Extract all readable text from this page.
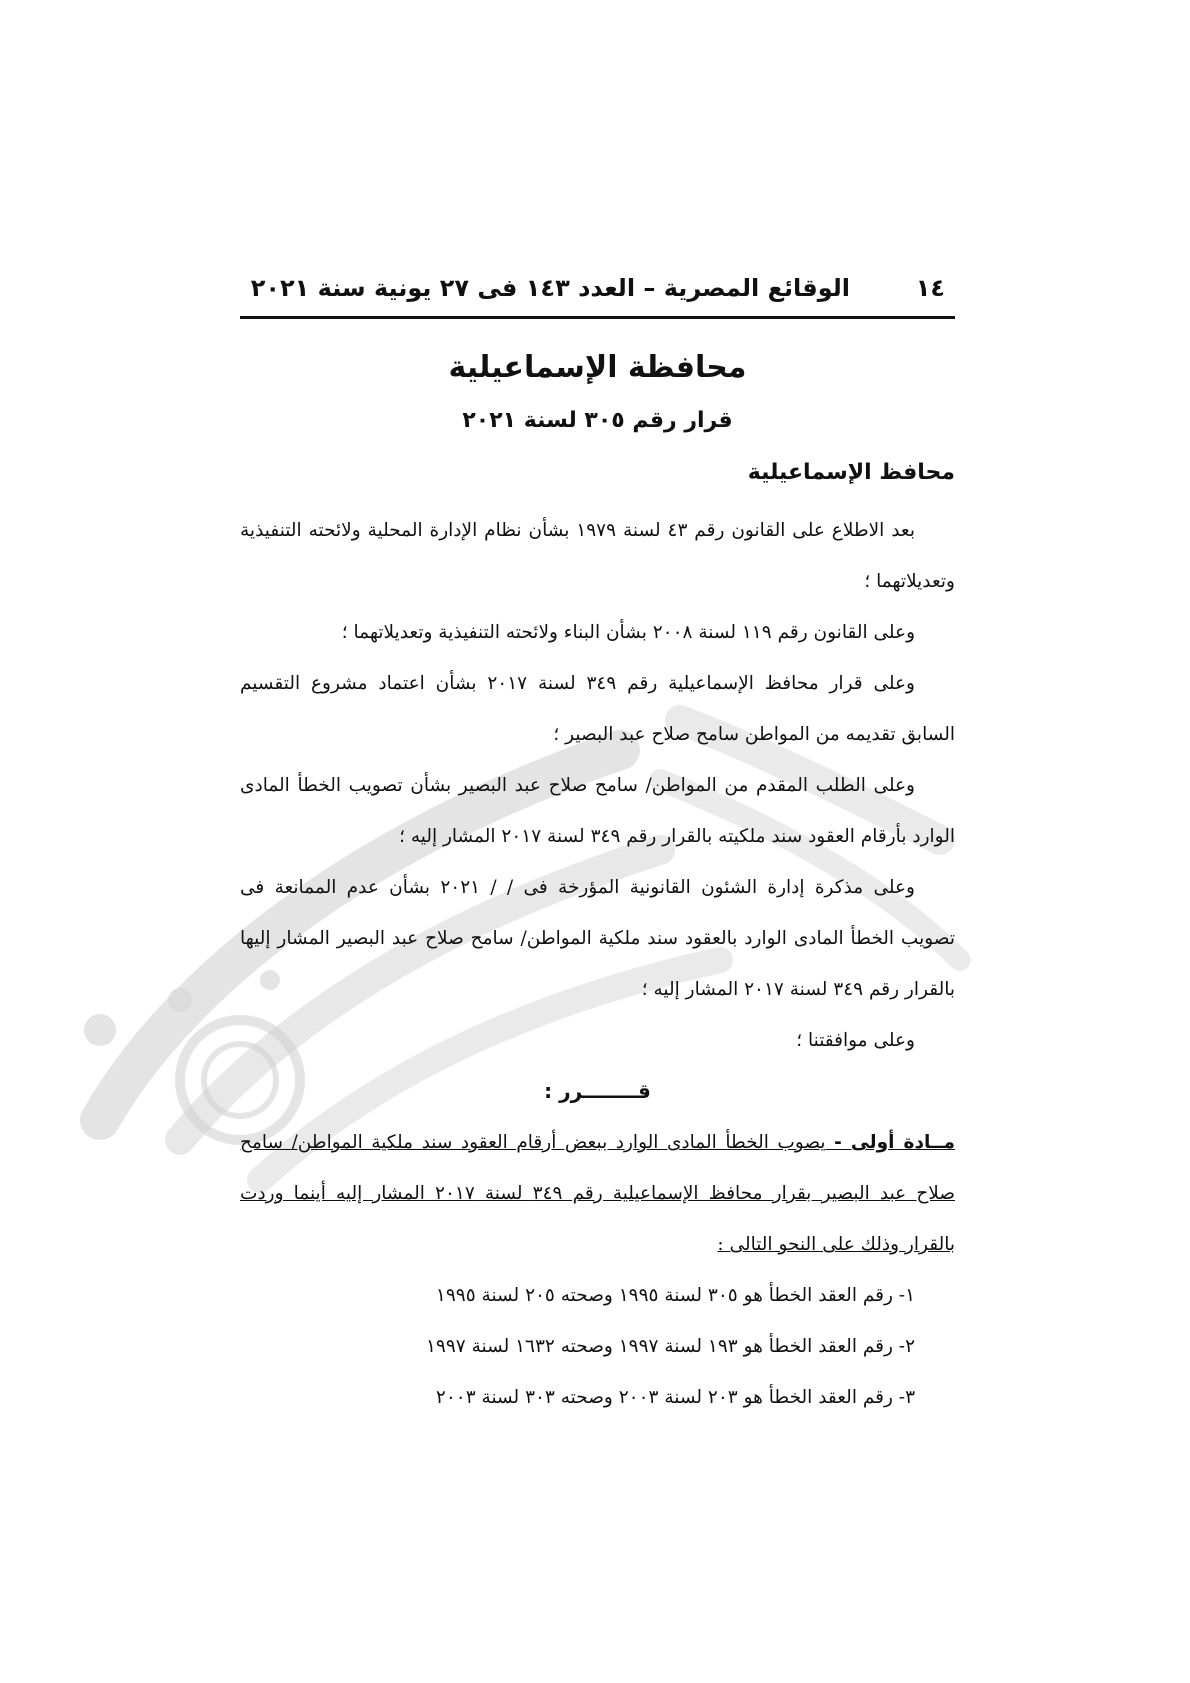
١٤
الوقائع المصرية – العدد ١٤٣ فى ٢٧ يونية سنة ٢٠٢١
محافظة الإسماعيلية
قرار رقم ٣٠٥ لسنة ٢٠٢١
محافظ الإسماعيلية

بعد الاطلاع على القانون رقم ٤٣ لسنة ١٩٧٩ بشأن نظام الإدارة المحلية ولائحته التنفيذية وتعديلاتهما ؛

وعلى القانون رقم ١١٩ لسنة ٢٠٠٨ بشأن البناء ولائحته التنفيذية وتعديلاتهما ؛

وعلى قرار محافظ الإسماعيلية رقم ٣٤٩ لسنة ٢٠١٧ بشأن اعتماد مشروع التقسيم السابق تقديمه من المواطن سامح صلاح عبد البصير ؛

وعلى الطلب المقدم من المواطن/ سامح صلاح عبد البصير بشأن تصويب الخطأ المادى الوارد بأرقام العقود سند ملكيته بالقرار رقم ٣٤٩ لسنة ٢٠١٧ المشار إليه ؛

وعلى مذكرة إدارة الشئون القانونية المؤرخة فى / / ٢٠٢١ بشأن عدم الممانعة فى تصويب الخطأ المادى الوارد بالعقود سند ملكية المواطن/ سامح صلاح عبد البصير المشار إليها بالقرار رقم ٣٤٩ لسنة ٢٠١٧ المشار إليه ؛

وعلى موافقتنا ؛

قــــــــرر :

مــادة أولى - يصوب الخطأ المادى الوارد ببعض أرقام العقود سند ملكية المواطن/ سامح صلاح عبد البصير بقرار محافظ الإسماعيلية رقم ٣٤٩ لسنة ٢٠١٧ المشار إليه أينما وردت بالقرار وذلك على النحو التالى :

١- رقم العقد الخطأ هو ٣٠٥ لسنة ١٩٩٥ وصحته ٢٠٥ لسنة ١٩٩٥

٢- رقم العقد الخطأ هو ١٩٣ لسنة ١٩٩٧ وصحته ١٦٣٢ لسنة ١٩٩٧

٣- رقم العقد الخطأ هو ٢٠٣ لسنة ٢٠٠٣ وصحته ٣٠٣ لسنة ٢٠٠٣
